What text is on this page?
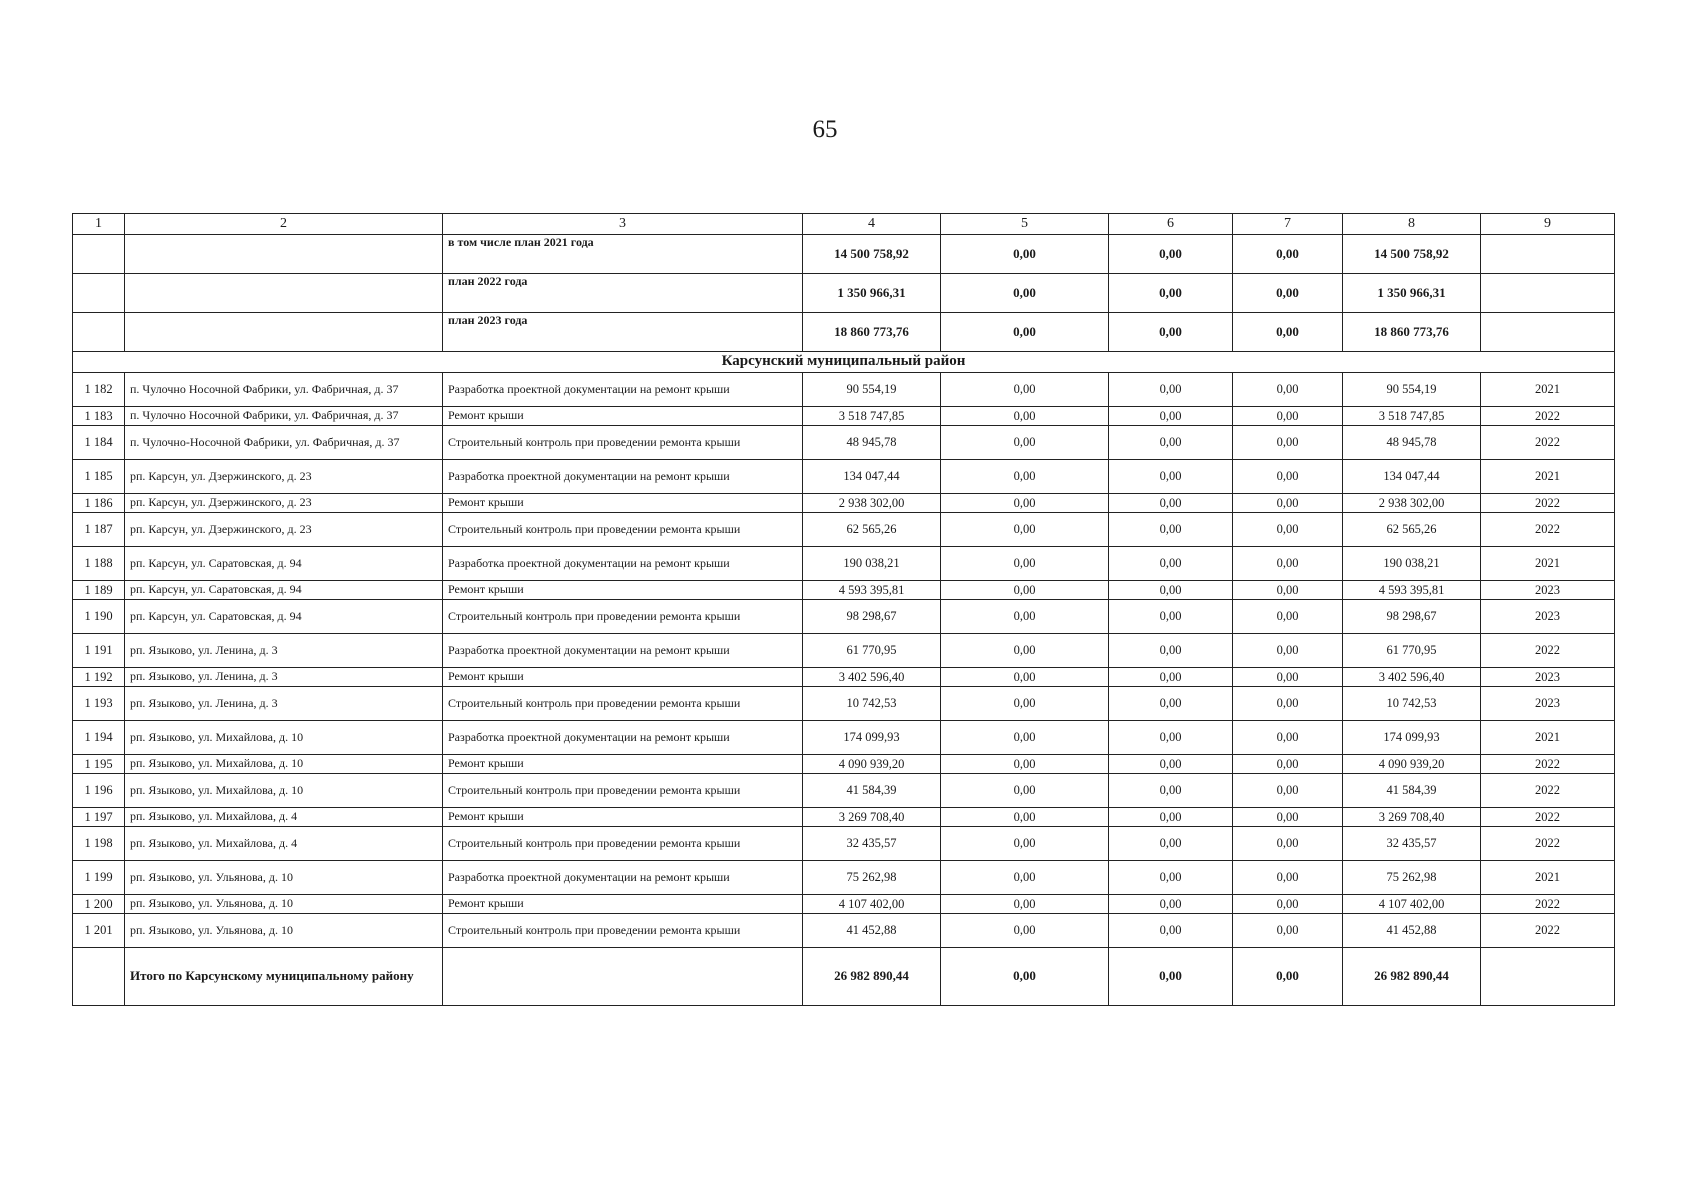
65
1	2	3	4	5	6	7	8	9
		в том числе план 2021 года	14 500 758,92	0,00	0,00	0,00	14 500 758,92	
		план 2022 года	1 350 966,31	0,00	0,00	0,00	1 350 966,31	
		план 2023 года	18 860 773,76	0,00	0,00	0,00	18 860 773,76	
Карсунский муниципальный район								
1 182	п. Чулочно Носочной Фабрики, ул. Фабричная, д. 37	Разработка проектной документации на ремонт крыши	90 554,19	0,00	0,00	0,00	90 554,19	2021
1 183	п. Чулочно Носочной Фабрики, ул. Фабричная, д. 37	Ремонт крыши	3 518 747,85	0,00	0,00	0,00	3 518 747,85	2022
1 184	п. Чулочно-Носочной Фабрики, ул. Фабричная, д. 37	Строительный контроль при проведении ремонта крыши	48 945,78	0,00	0,00	0,00	48 945,78	2022
1 185	рп. Карсун, ул. Дзержинского, д. 23	Разработка проектной документации на ремонт крыши	134 047,44	0,00	0,00	0,00	134 047,44	2021
1 186	рп. Карсун, ул. Дзержинского, д. 23	Ремонт крыши	2 938 302,00	0,00	0,00	0,00	2 938 302,00	2022
1 187	рп. Карсун, ул. Дзержинского, д. 23	Строительный контроль при проведении ремонта крыши	62 565,26	0,00	0,00	0,00	62 565,26	2022
1 188	рп. Карсун, ул. Саратовская, д. 94	Разработка проектной документации на ремонт крыши	190 038,21	0,00	0,00	0,00	190 038,21	2021
1 189	рп. Карсун, ул. Саратовская, д. 94	Ремонт крыши	4 593 395,81	0,00	0,00	0,00	4 593 395,81	2023
1 190	рп. Карсун, ул. Саратовская, д. 94	Строительный контроль при проведении ремонта крыши	98 298,67	0,00	0,00	0,00	98 298,67	2023
1 191	рп. Языково, ул. Ленина, д. 3	Разработка проектной документации на ремонт крыши	61 770,95	0,00	0,00	0,00	61 770,95	2022
1 192	рп. Языково, ул. Ленина, д. 3	Ремонт крыши	3 402 596,40	0,00	0,00	0,00	3 402 596,40	2023
1 193	рп. Языково, ул. Ленина, д. 3	Строительный контроль при проведении ремонта крыши	10 742,53	0,00	0,00	0,00	10 742,53	2023
1 194	рп. Языково, ул. Михайлова, д. 10	Разработка проектной документации на ремонт крыши	174 099,93	0,00	0,00	0,00	174 099,93	2021
1 195	рп. Языково, ул. Михайлова, д. 10	Ремонт крыши	4 090 939,20	0,00	0,00	0,00	4 090 939,20	2022
1 196	рп. Языково, ул. Михайлова, д. 10	Строительный контроль при проведении ремонта крыши	41 584,39	0,00	0,00	0,00	41 584,39	2022
1 197	рп. Языково, ул. Михайлова, д. 4	Ремонт крыши	3 269 708,40	0,00	0,00	0,00	3 269 708,40	2022
1 198	рп. Языково, ул. Михайлова, д. 4	Строительный контроль при проведении ремонта крыши	32 435,57	0,00	0,00	0,00	32 435,57	2022
1 199	рп. Языково, ул. Ульянова, д. 10	Разработка проектной документации на ремонт крыши	75 262,98	0,00	0,00	0,00	75 262,98	2021
1 200	рп. Языково, ул. Ульянова, д. 10	Ремонт крыши	4 107 402,00	0,00	0,00	0,00	4 107 402,00	2022
1 201	рп. Языково, ул. Ульянова, д. 10	Строительный контроль при проведении ремонта крыши	41 452,88	0,00	0,00	0,00	41 452,88	2022
	Итого по Карсунскому муниципальному району		26 982 890,44	0,00	0,00	0,00	26 982 890,44	
